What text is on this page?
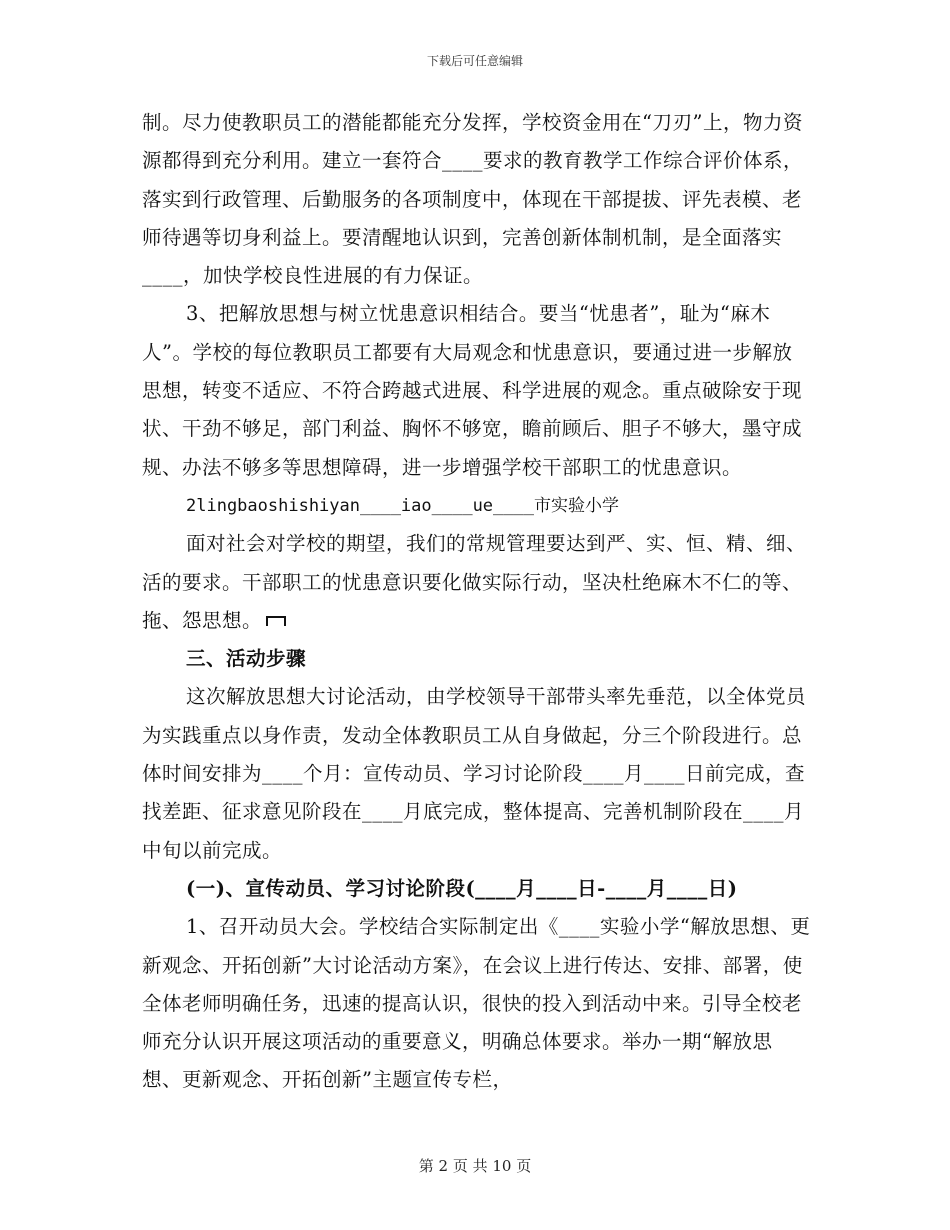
下载后可任意编辑

制。尽力使教职员工的潜能都能充分发挥，学校资金用在“刀刃”上，物力资源都得到充分利用。建立一套符合____要求的教育教学工作综合评价体系，落实到行政管理、后勤服务的各项制度中，体现在干部提拔、评先表模、老师待遇等切身利益上。要清醒地认识到，完善创新体制机制，是全面落实____，加快学校良性进展的有力保证。

3、把解放思想与树立忧患意识相结合。要当“忧患者”，耻为“麻木人”。学校的每位教职员工都要有大局观念和忧患意识，要通过进一步解放思想，转变不适应、不符合跨越式进展、科学进展的观念。重点破除安于现状、干劲不够足，部门利益、胸怀不够宽，瞻前顾后、胆子不够大，墨守成规、办法不够多等思想障碍，进一步增强学校干部职工的忧患意识。

2lingbaoshishiyan____iao____ue____市实验小学

面对社会对学校的期望，我们的常规管理要达到严、实、恒、精、细、活的要求。干部职工的忧患意识要化做实际行动，坚决杜绝麻木不仁的等、拖、怨思想。

三、活动步骤

这次解放思想大讨论活动，由学校领导干部带头率先垂范，以全体党员为实践重点以身作责，发动全体教职员工从自身做起，分三个阶段进行。总体时间安排为____个月：宣传动员、学习讨论阶段____月____日前完成，查找差距、征求意见阶段在____月底完成，整体提高、完善机制阶段在____月中旬以前完成。

(一)、宣传动员、学习讨论阶段(____月____日-____月____日)

1、召开动员大会。学校结合实际制定出《____实验小学“解放思想、更新观念、开拓创新”大讨论活动方案》，在会议上进行传达、安排、部署，使全体老师明确任务，迅速的提高认识，很快的投入到活动中来。引导全校老师充分认识开展这项活动的重要意义，明确总体要求。举办一期“解放思想、更新观念、开拓创新”主题宣传专栏，

第 2 页 共 10 页
